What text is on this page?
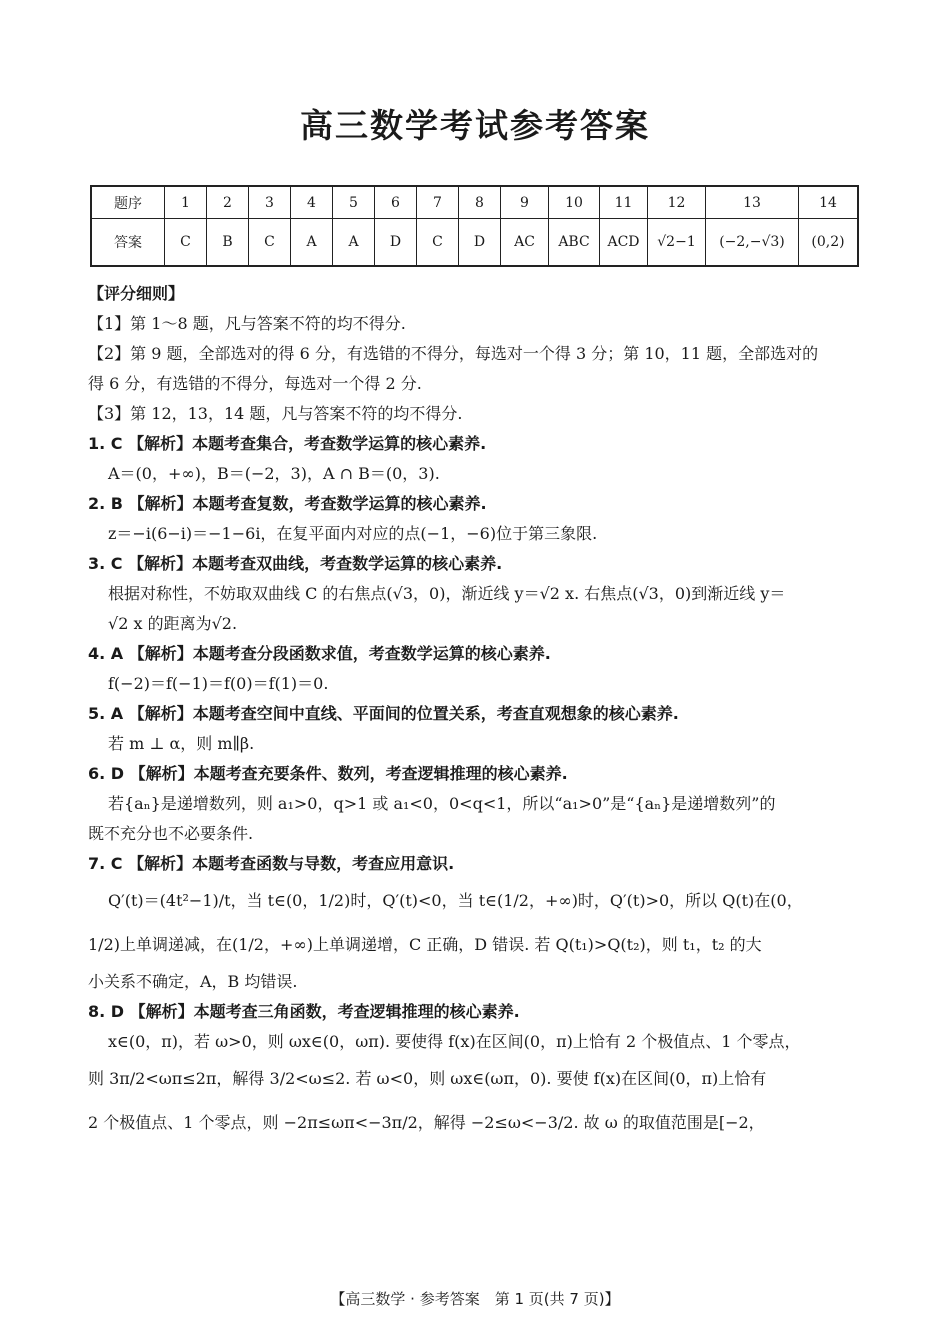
高三数学考试参考答案
题序	1	2	3	4	5	6	7	8	9	10	11	12	13	14
答案	C	B	C	A	A	D	C	D	AC	ABC	ACD	√2−1	(−2,−√3)	(0,2)
【评分细则】
【1】第 1～8 题，凡与答案不符的均不得分.
【2】第 9 题，全部选对的得 6 分，有选错的不得分，每选对一个得 3 分；第 10，11 题，全部选对的
得 6 分，有选错的不得分，每选对一个得 2 分.
【3】第 12，13，14 题，凡与答案不符的均不得分.
1. C 【解析】本题考查集合，考查数学运算的核心素养.
A＝(0，+∞)，B＝(−2，3)，A ∩ B＝(0，3).
2. B 【解析】本题考查复数，考查数学运算的核心素养.
z＝−i(6−i)＝−1−6i，在复平面内对应的点(−1，−6)位于第三象限.
3. C 【解析】本题考查双曲线，考查数学运算的核心素养.
根据对称性，不妨取双曲线 C 的右焦点(√3，0)，渐近线 y＝√2 x. 右焦点(√3，0)到渐近线 y＝
√2 x 的距离为√2.
4. A 【解析】本题考查分段函数求值，考查数学运算的核心素养.
f(−2)＝f(−1)＝f(0)＝f(1)＝0.
5. A 【解析】本题考查空间中直线、平面间的位置关系，考查直观想象的核心素养.
若 m ⊥ α，则 m∥β.
6. D 【解析】本题考查充要条件、数列，考查逻辑推理的核心素养.
若{aₙ}是递增数列，则 a₁>0，q>1 或 a₁<0，0<q<1，所以“a₁>0”是“{aₙ}是递增数列”的
既不充分也不必要条件.
7. C 【解析】本题考查函数与导数，考查应用意识.
Q′(t)＝(4t²−1)/t，当 t∈(0，1/2)时，Q′(t)<0，当 t∈(1/2，+∞)时，Q′(t)>0，所以 Q(t)在(0，
1/2)上单调递减，在(1/2，+∞)上单调递增，C 正确，D 错误. 若 Q(t₁)>Q(t₂)，则 t₁，t₂ 的大
小关系不确定，A，B 均错误.
8. D 【解析】本题考查三角函数，考查逻辑推理的核心素养.
x∈(0，π)，若 ω>0，则 ωx∈(0，ωπ). 要使得 f(x)在区间(0，π)上恰有 2 个极值点、1 个零点，
则 3π/2<ωπ≤2π，解得 3/2<ω≤2. 若 ω<0，则 ωx∈(ωπ，0). 要使 f(x)在区间(0，π)上恰有
2 个极值点、1 个零点，则 −2π≤ωπ<−3π/2，解得 −2≤ω<−3/2. 故 ω 的取值范围是[−2，
【高三数学 · 参考答案　第 1 页(共 7 页)】
